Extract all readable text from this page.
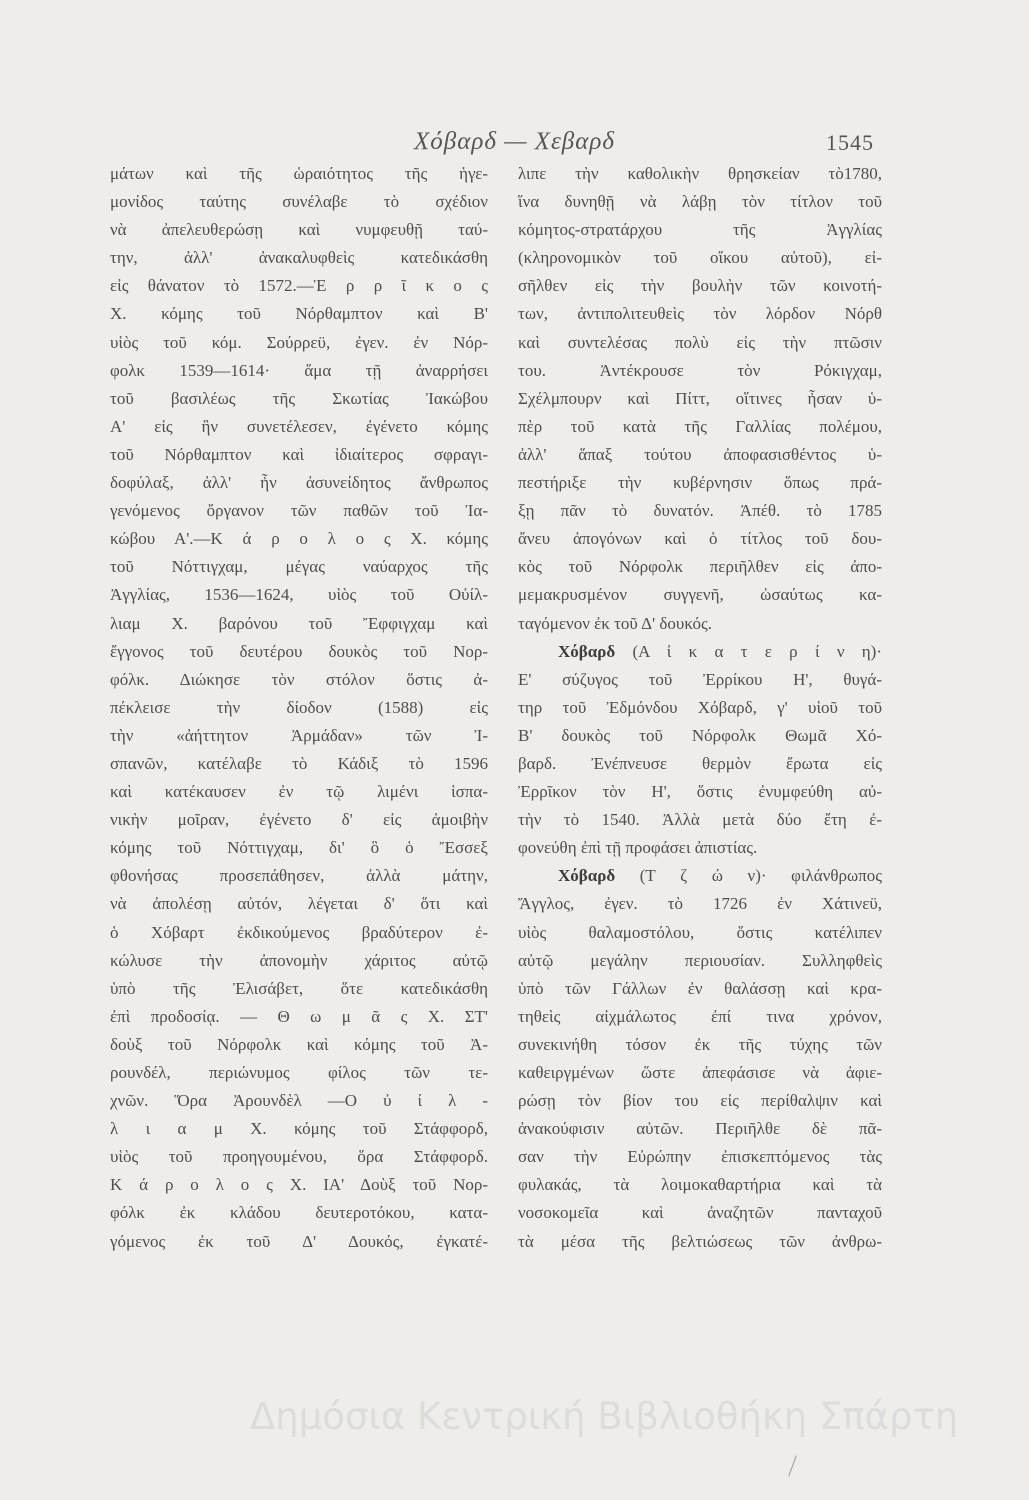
Χόβαρδ — Χεβαρδ	1545
μάτων καὶ τῆς ὡραιότητος τῆς ἡγε-
μονίδος ταύτης συνέλαβε τὸ σχέδιον
νὰ ἀπελευθερώσῃ καὶ νυμφευθῇ ταύ-
την, ἀλλ' ἀνακαλυφθεὶς κατεδικάσθη
εἰς θάνατον τὸ 1572.—Ἑ ρ ρ ῖ κ ο ς
Χ. κόμης τοῦ Νόρθαμπτον καὶ Β'
υἱὸς τοῦ κόμ. Σούρρεϋ, ἐγεν. ἐν Νόρ-
φολκ 1539—1614· ἅμα τῇ ἀναρρήσει
τοῦ βασιλέως τῆς Σκωτίας Ἰακώβου
Α' εἰς ἣν συνετέλεσεν, ἐγένετο κόμης
τοῦ Νόρθαμπτον καὶ ἰδιαίτερος σφραγι-
δοφύλαξ, ἀλλ' ἦν ἀσυνείδητος ἄνθρωπος
γενόμενος ὄργανον τῶν παθῶν τοῦ Ἰα-
κώβου Α'.—Κ ά ρ ο λ ο ς Χ. κόμης
τοῦ Νόττιγχαμ, μέγας ναύαρχος τῆς
Ἀγγλίας, 1536—1624, υἱὸς τοῦ Οὐίλ-
λιαμ Χ. βαρόνου τοῦ Ἔφφιγχαμ καὶ
ἔγγονος τοῦ δευτέρου δουκὸς τοῦ Νορ-
φόλκ. Διώκησε τὸν στόλον ὅστις ἀ-
πέκλεισε τὴν δίοδον (1588) εἰς
τὴν «ἀήττητον Ἀρμάδαν» τῶν Ἰ-
σπανῶν, κατέλαβε τὸ Κάδιξ τὸ 1596
καὶ κατέκαυσεν ἐν τῷ λιμένι ἱσπα-
νικὴν μοῖραν, ἐγένετο δ' εἰς ἀμοιβὴν
κόμης τοῦ Νόττιγχαμ, δι' ὃ ὁ Ἔσσεξ
φθονήσας προσεπάθησεν, ἀλλὰ μάτην,
νὰ ἀπολέσῃ αὐτόν, λέγεται δ' ὅτι καὶ
ὁ Χόβαρτ ἐκδικούμενος βραδύτερον ἐ-
κώλυσε τὴν ἀπονομὴν χάριτος αὐτῷ
ὑπὸ τῆς Ἐλισάβετ, ὅτε κατεδικάσθη
ἐπὶ προδοσίᾳ. — Θ ω μ ᾶ ς Χ. ΣΤ'
δοὺξ τοῦ Νόρφολκ καὶ κόμης τοῦ Ἀ-
ρουνδέλ, περιώνυμος φίλος τῶν τε-
χνῶν. Ὅρα Ἀρουνδὲλ —Ο ὐ ί λ -
λ ι α μ Χ. κόμης τοῦ Στάφφορδ,
υἱὸς τοῦ προηγουμένου, ὅρα Στάφφορδ.
Κ ά ρ ο λ ο ς Χ. ΙΑ' Δοὺξ τοῦ Νορ-
φόλκ ἐκ κλάδου δευτεροτόκου, κατα-
γόμενος ἐκ τοῦ Δ' Δουκός, ἐγκατέ-
λιπε τὴν καθολικὴν θρησκείαν τὸ1780,
ἵνα δυνηθῇ νὰ λάβῃ τὸν τίτλον τοῦ
κόμητος-στρατάρχου τῆς Ἀγγλίας
(κληρονομικὸν τοῦ οἴκου αὐτοῦ), εἰ-
σῆλθεν εἰς τὴν βουλὴν τῶν κοινοτή-
των, ἀντιπολιτευθεὶς τὸν λόρδον Νόρθ
καὶ συντελέσας πολὺ εἰς τὴν πτῶσιν
του. Ἀντέκρουσε τὸν Ρόκιγχαμ,
Σχέλμπουρν καὶ Πίττ, οἵτινες ἦσαν ὑ-
πὲρ τοῦ κατὰ τῆς Γαλλίας πολέμου,
ἀλλ' ἅπαξ τούτου ἀποφασισθέντος ὑ-
πεστήριξε τὴν κυβέρνησιν ὅπως πρά-
ξῃ πᾶν τὸ δυνατόν. Ἀπέθ. τὸ 1785
ἄνευ ἀπογόνων καὶ ὁ τίτλος τοῦ δου-
κὸς τοῦ Νόρφολκ περιῆλθεν εἰς ἀπο-
μεμακρυσμένον συγγενῆ, ὡσαύτως κα-
ταγόμενον ἐκ τοῦ Δ' δουκός.
Χόβαρδ (Α ἰ κ α τ ε ρ ί ν η)·
Ε' σύζυγος τοῦ Ἐρρίκου Η', θυγά-
τηρ τοῦ Ἐδμόνδου Χόβαρδ, γ' υἱοῦ τοῦ
Β' δουκὸς τοῦ Νόρφολκ Θωμᾶ Χό-
βαρδ. Ἐνέπνευσε θερμὸν ἔρωτα εἰς
Ἐρρῖκον τὸν Η', ὅστις ἐνυμφεύθη αὐ-
τὴν τὸ 1540. Ἀλλὰ μετὰ δύο ἔτη ἐ-
φονεύθη ἐπὶ τῇ προφάσει ἀπιστίας.
Χόβαρδ (Τ ζ ώ ν)· φιλάνθρωπος
Ἄγγλος, ἐγεν. τὸ 1726 ἐν Χάτινεϋ,
υἱὸς θαλαμοστόλου, ὅστις κατέλιπεν
αὐτῷ μεγάλην περιουσίαν. Συλληφθεὶς
ὑπὸ τῶν Γάλλων ἐν θαλάσσῃ καὶ κρα-
τηθεὶς αἰχμάλωτος ἐπί τινα χρόνον,
συνεκινήθη τόσον ἐκ τῆς τύχης τῶν
καθειργμένων ὥστε ἀπεφάσισε νὰ ἀφιε-
ρώσῃ τὸν βίον του εἰς περίθαλψιν καὶ
ἀνακούφισιν αὐτῶν. Περιῆλθε δὲ πᾶ-
σαν τὴν Εὐρώπην ἐπισκεπτόμενος τὰς
φυλακάς, τὰ λοιμοκαθαρτήρια καὶ τὰ
νοσοκομεῖα καὶ ἀναζητῶν πανταχοῦ
τὰ μέσα τῆς βελτιώσεως τῶν ἀνθρω-
Δημόσια Κεντρική Βιβλιοθήκη Σπάρτη
